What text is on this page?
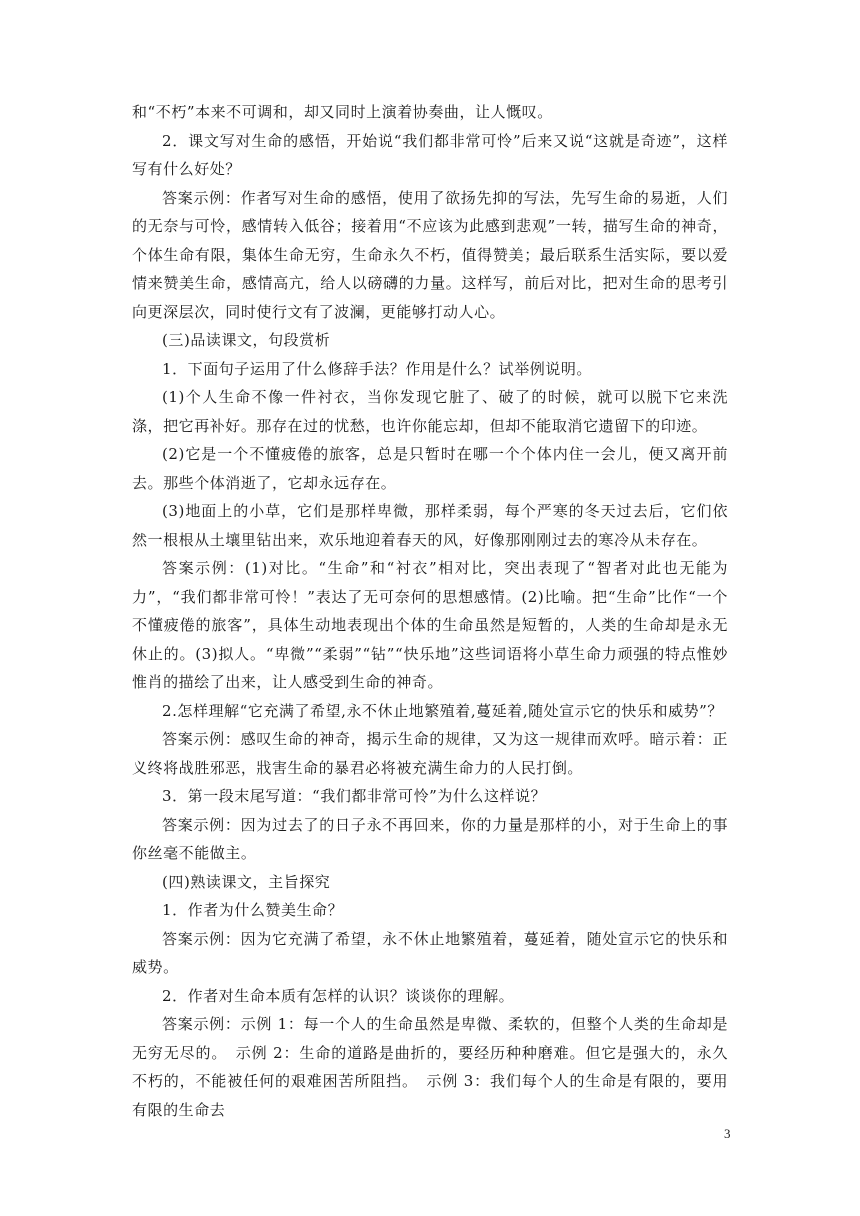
和“不朽”本来不可调和，却又同时上演着协奏曲，让人慨叹。

2．课文写对生命的感悟，开始说“我们都非常可怜”后来又说“这就是奇迹”，这样写有什么好处？

答案示例：作者写对生命的感悟，使用了欲扬先抑的写法，先写生命的易逝，人们的无奈与可怜，感情转入低谷；接着用“不应该为此感到悲观”一转，描写生命的神奇，个体生命有限，集体生命无穷，生命永久不朽，值得赞美；最后联系生活实际，要以爱情来赞美生命，感情高亢，给人以磅礴的力量。这样写，前后对比，把对生命的思考引向更深层次，同时使行文有了波澜，更能够打动人心。

(三)品读课文，句段赏析

1．下面句子运用了什么修辞手法？作用是什么？试举例说明。

(1)个人生命不像一件衬衣，当你发现它脏了、破了的时候，就可以脱下它来洗涤，把它再补好。那存在过的忧愁，也许你能忘却，但却不能取消它遗留下的印迹。

(2)它是一个不懂疲倦的旅客，总是只暂时在哪一个个体内住一会儿，便又离开前去。那些个体消逝了，它却永远存在。

(3)地面上的小草，它们是那样卑微，那样柔弱，每个严寒的冬天过去后，它们依然一根根从土壤里钻出来，欢乐地迎着春天的风，好像那刚刚过去的寒冷从未存在。

答案示例：(1)对比。“生命”和“衬衣”相对比，突出表现了“智者对此也无能为力”，“我们都非常可怜！”表达了无可奈何的思想感情。(2)比喻。把“生命”比作“一个不懂疲倦的旅客”，具体生动地表现出个体的生命虽然是短暂的，人类的生命却是永无休止的。(3)拟人。“卑微”“柔弱”“钻”“快乐地”这些词语将小草生命力顽强的特点惟妙惟肖的描绘了出来，让人感受到生命的神奇。

2.怎样理解“它充满了希望,永不休止地繁殖着,蔓延着,随处宣示它的快乐和威势”？

答案示例：感叹生命的神奇，揭示生命的规律，又为这一规律而欢呼。暗示着：正义终将战胜邪恶，戕害生命的暴君必将被充满生命力的人民打倒。

3．第一段末尾写道：“我们都非常可怜”为什么这样说？

答案示例：因为过去了的日子永不再回来，你的力量是那样的小，对于生命上的事你丝毫不能做主。

(四)熟读课文，主旨探究

1．作者为什么赞美生命？

答案示例：因为它充满了希望，永不休止地繁殖着，蔓延着，随处宣示它的快乐和威势。

2．作者对生命本质有怎样的认识？谈谈你的理解。

答案示例：示例 1：每一个人的生命虽然是卑微、柔软的，但整个人类的生命却是无穷无尽的。　示例 2：生命的道路是曲折的，要经历种种磨难。但它是强大的，永久不朽的，不能被任何的艰难困苦所阻挡。　示例 3：我们每个人的生命是有限的，要用有限的生命去

3
